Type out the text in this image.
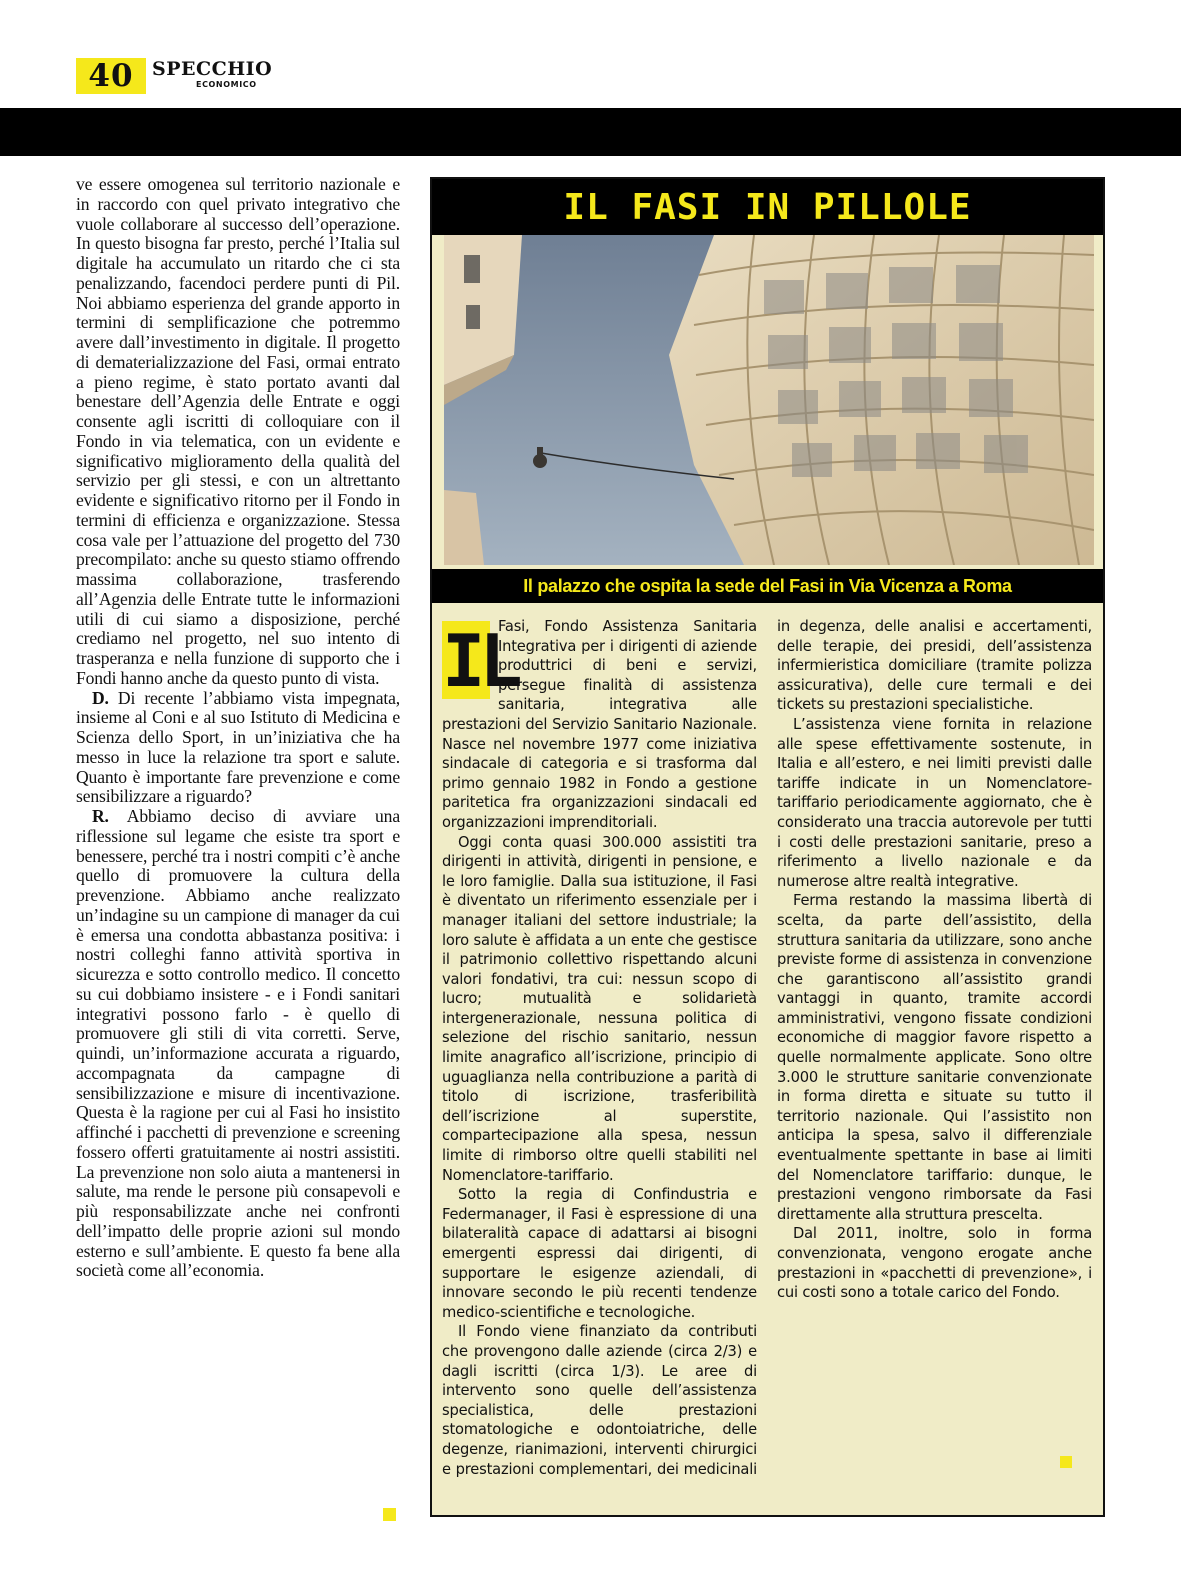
40 SPECCHIO
ECONOMICO

ve essere omogenea sul territorio nazionale e in raccordo con quel privato integrativo che vuole collaborare al successo dell’operazione. In questo bisogna far presto, perché l’Italia sul digitale ha accumulato un ritardo che ci sta penalizzando, facendoci perdere punti di Pil. Noi abbiamo esperienza del grande apporto in termini di semplificazione che potremmo avere dall’investimento in digitale. Il progetto di dematerializzazione del Fasi, ormai entrato a pieno regime, è stato portato avanti dal benestare dell’Agenzia delle Entrate e oggi consente agli iscritti di colloquiare con il Fondo in via telematica, con un evidente e significativo miglioramento della qualità del servizio per gli stessi, e con un altrettanto evidente e significativo ritorno per il Fondo in termini di efficienza e organizzazione. Stessa cosa vale per l’attuazione del progetto del 730 precompilato: anche su questo stiamo offrendo massima collaborazione, trasferendo all’Agenzia delle Entrate tutte le informazioni utili di cui siamo a disposizione, perché crediamo nel progetto, nel suo intento di trasperanza e nella funzione di supporto che i Fondi hanno anche da questo punto di vista.

D. Di recente l’abbiamo vista impegnata, insieme al Coni e al suo Istituto di Medicina e Scienza dello Sport, in un’iniziativa che ha messo in luce la relazione tra sport e salute. Quanto è importante fare prevenzione e come sensibilizzare a riguardo?

R. Abbiamo deciso di avviare una riflessione sul legame che esiste tra sport e benessere, perché tra i nostri compiti c’è anche quello di promuovere la cultura della prevenzione. Abbiamo anche realizzato un’indagine su un campione di manager da cui è emersa una condotta abbastanza positiva: i nostri colleghi fanno attività sportiva in sicurezza e sotto controllo medico. Il concetto su cui dobbiamo insistere - e i Fondi sanitari integrativi possono farlo - è quello di promuovere gli stili di vita corretti. Serve, quindi, un’informazione accurata a riguardo, accompagnata da campagne di sensibilizzazione e misure di incentivazione. Questa è la ragione per cui al Fasi ho insistito affinché i pacchetti di prevenzione e screening fossero offerti gratuitamente ai nostri assistiti. La prevenzione non solo aiuta a mantenersi in salute, ma rende le persone più consapevoli e più responsabilizzate anche nei confronti dell’impatto delle proprie azioni sul mondo esterno e sull’ambiente. E questo fa bene alla società come all’economia.

IL FASI IN PILLOLE
Il palazzo che ospita la sede del Fasi in Via Vicenza a Roma

IL
Fasi, Fondo Assistenza Sanitaria Integrativa per i dirigenti di aziende produttrici di beni e servizi, persegue finalità di assistenza sanitaria, integrativa alle prestazioni del Servizio Sanitario Nazionale. Nasce nel novembre 1977 come iniziativa sindacale di categoria e si trasforma dal primo gennaio 1982 in Fondo a gestione paritetica fra organizzazioni sindacali ed organizzazioni imprenditoriali.

Oggi conta quasi 300.000 assistiti tra dirigenti in attività, dirigenti in pensione, e le loro famiglie. Dalla sua istituzione, il Fasi è diventato un riferimento essenziale per i manager italiani del settore industriale; la loro salute è affidata a un ente che gestisce il patrimonio collettivo rispettando alcuni valori fondativi, tra cui: nessun scopo di lucro; mutualità e solidarietà intergenerazionale, nessuna politica di selezione del rischio sanitario, nessun limite anagrafico all’iscrizione, principio di uguaglianza nella contribuzione a parità di titolo di iscrizione, trasferibilità dell’iscrizione al superstite, compartecipazione alla spesa, nessun limite di rimborso oltre quelli stabiliti nel Nomenclatore-tariffario.

Sotto la regia di Confindustria e Federmanager, il Fasi è espressione di una bilateralità capace di adattarsi ai bisogni emergenti espressi dai dirigenti, di supportare le esigenze aziendali, di innovare secondo le più recenti tendenze medico-scientifiche e tecnologiche.

Il Fondo viene finanziato da contributi che provengono dalle aziende (circa 2/3) e dagli iscritti (circa 1/3). Le aree di intervento sono quelle dell’assistenza specialistica, delle prestazioni stomatologiche e odontoiatriche, delle degenze, rianimazioni, interventi chirurgici e prestazioni complementari, dei medicinali in degenza, delle analisi e accertamenti, delle terapie, dei presidi, dell’assistenza infermieristica domiciliare (tramite polizza assicurativa), delle cure termali e dei tickets su prestazioni specialistiche.

L’assistenza viene fornita in relazione alle spese effettivamente sostenute, in Italia e all’estero, e nei limiti previsti dalle tariffe indicate in un Nomenclatore-tariffario periodicamente aggiornato, che è considerato una traccia autorevole per tutti i costi delle prestazioni sanitarie, preso a riferimento a livello nazionale e da numerose altre realtà integrative.

Ferma restando la massima libertà di scelta, da parte dell’assistito, della struttura sanitaria da utilizzare, sono anche previste forme di assistenza in convenzione che garantiscono all’assistito grandi vantaggi in quanto, tramite accordi amministrativi, vengono fissate condizioni economiche di maggior favore rispetto a quelle normalmente applicate. Sono oltre 3.000 le strutture sanitarie convenzionate in forma diretta e situate su tutto il territorio nazionale. Qui l’assistito non anticipa la spesa, salvo il differenziale eventualmente spettante in base ai limiti del Nomenclatore tariffario: dunque, le prestazioni vengono rimborsate da Fasi direttamente alla struttura prescelta.

Dal 2011, inoltre, solo in forma convenzionata, vengono erogate anche prestazioni in «pacchetti di prevenzione», i cui costi sono a totale carico del Fondo.
